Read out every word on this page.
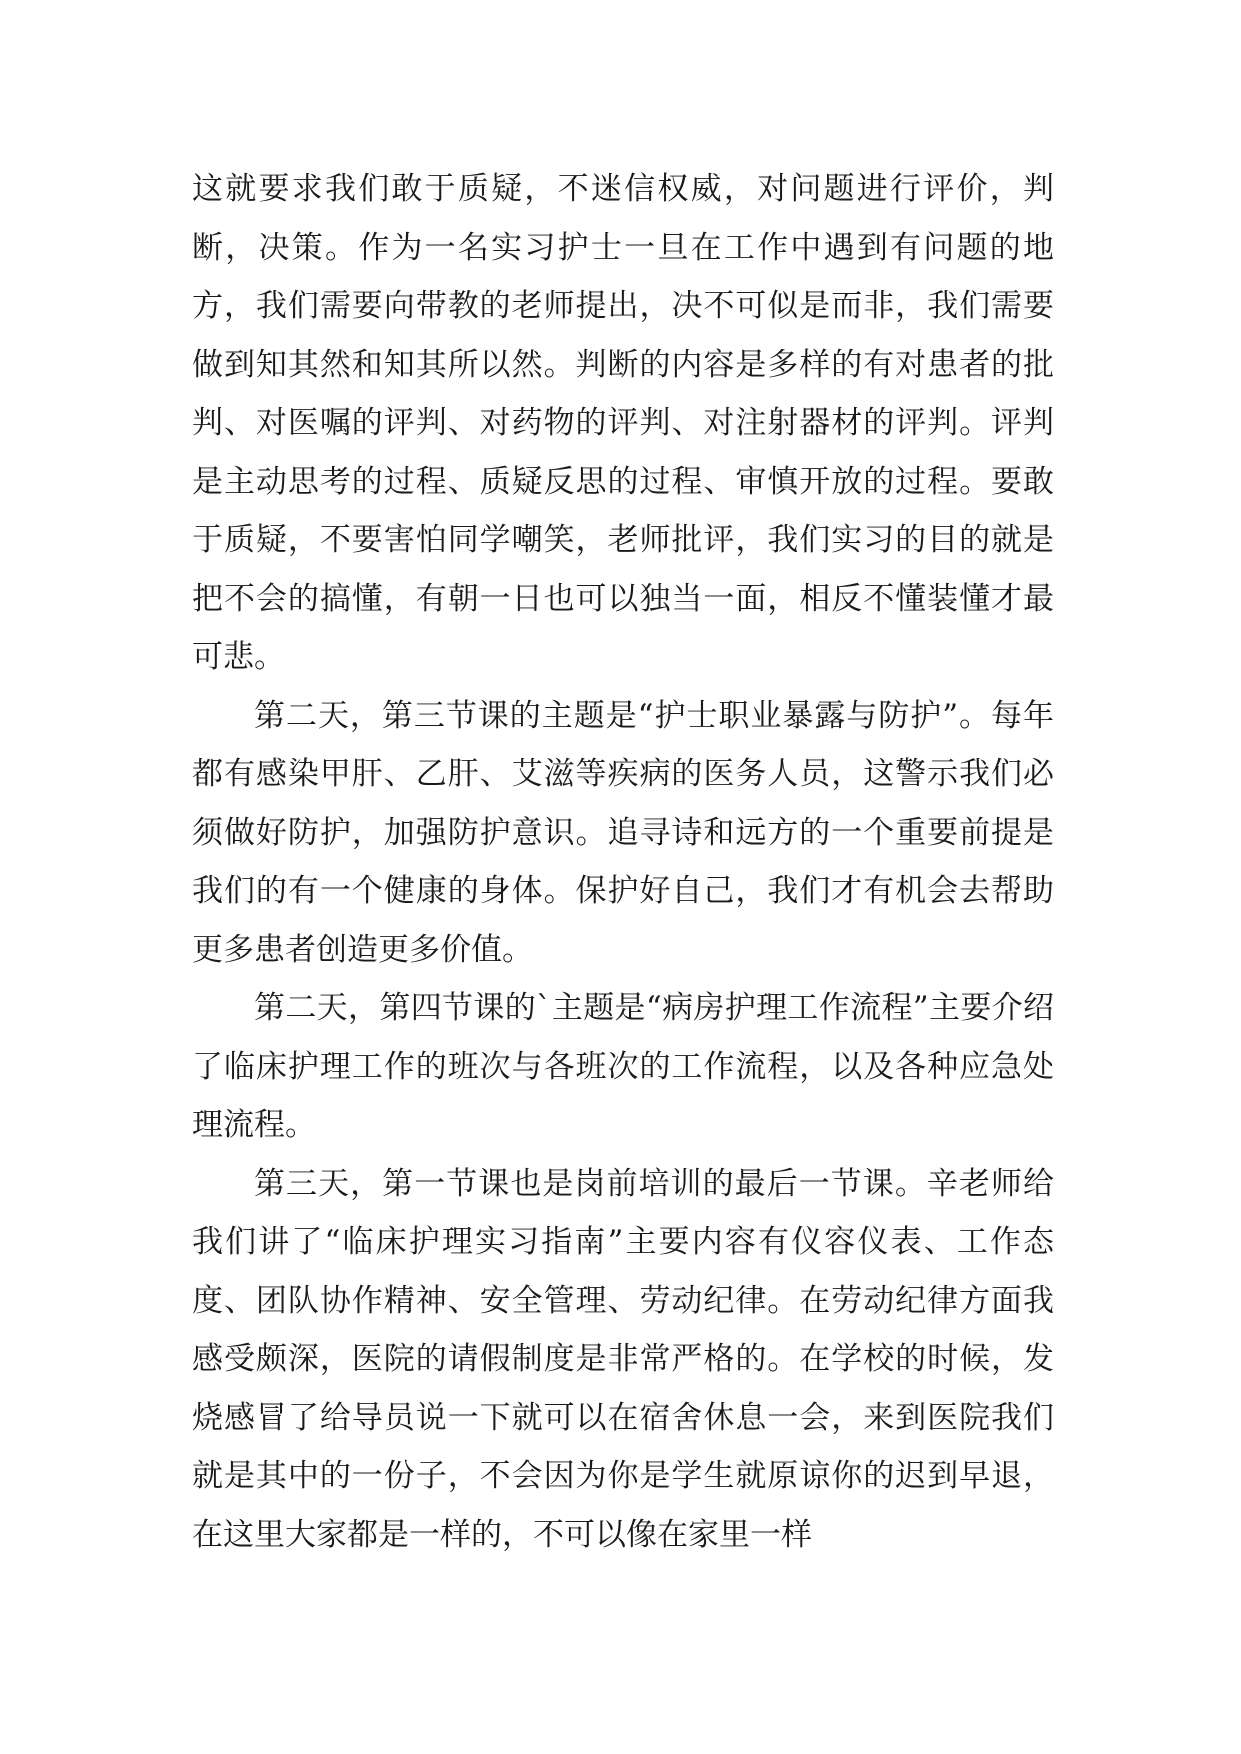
这就要求我们敢于质疑，不迷信权威，对问题进行评价，判断，决策。作为一名实习护士一旦在工作中遇到有问题的地方，我们需要向带教的老师提出，决不可似是而非，我们需要做到知其然和知其所以然。判断的内容是多样的有对患者的批判、对医嘱的评判、对药物的评判、对注射器材的评判。评判是主动思考的过程、质疑反思的过程、审慎开放的过程。要敢于质疑，不要害怕同学嘲笑，老师批评，我们实习的目的就是把不会的搞懂，有朝一日也可以独当一面，相反不懂装懂才最可悲。

第二天，第三节课的主题是“护士职业暴露与防护”。每年都有感染甲肝、乙肝、艾滋等疾病的医务人员，这警示我们必须做好防护，加强防护意识。追寻诗和远方的一个重要前提是我们的有一个健康的身体。保护好自己，我们才有机会去帮助更多患者创造更多价值。

第二天，第四节课的`主题是“病房护理工作流程”主要介绍了临床护理工作的班次与各班次的工作流程，以及各种应急处理流程。

第三天，第一节课也是岗前培训的最后一节课。辛老师给我们讲了“临床护理实习指南”主要内容有仪容仪表、工作态度、团队协作精神、安全管理、劳动纪律。在劳动纪律方面我感受颇深，医院的请假制度是非常严格的。在学校的时候，发烧感冒了给导员说一下就可以在宿舍休息一会，来到医院我们就是其中的一份子，不会因为你是学生就原谅你的迟到早退，在这里大家都是一样的，不可以像在家里一样
